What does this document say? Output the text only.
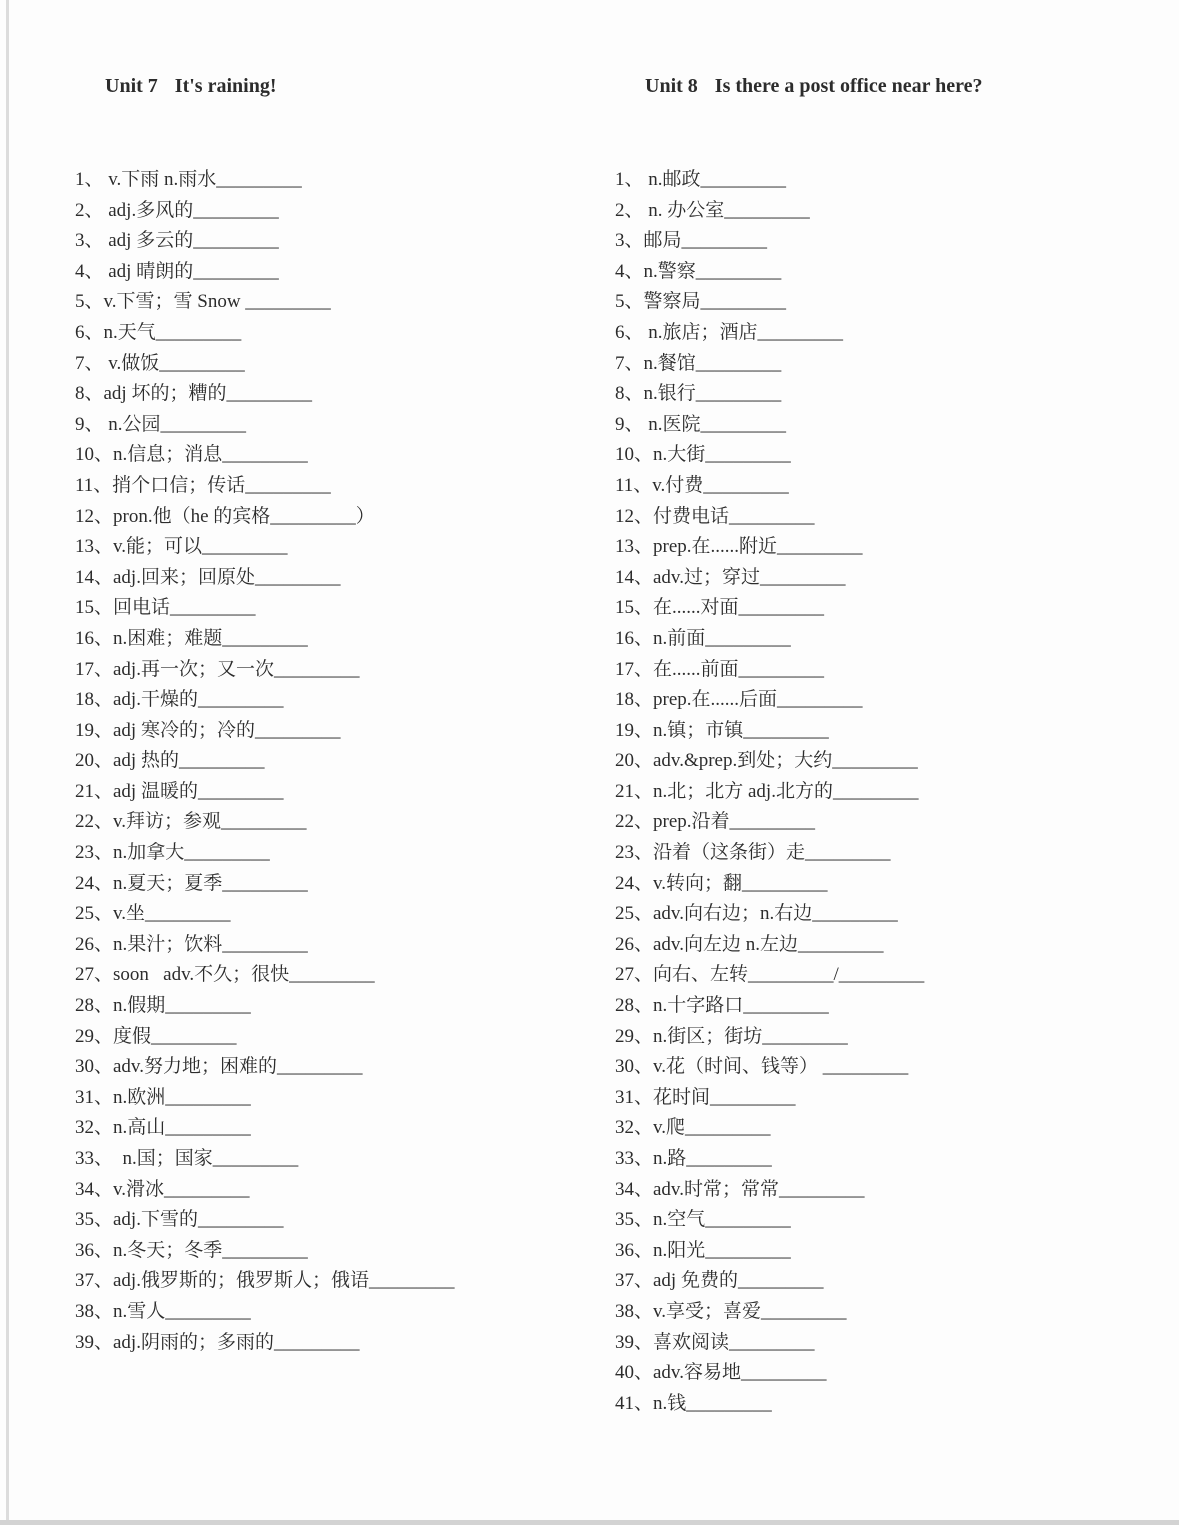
Unit 7 It's raining!

1、 v.下雨 n.雨水_________
2、 adj.多风的_________
3、 adj 多云的_________
4、 adj 晴朗的_________
5、v.下雪；雪 Snow _________
6、n.天气_________
7、 v.做饭_________
8、adj 坏的；糟的_________
9、 n.公园_________
10、n.信息；消息_________
11、捎个口信；传话_________
12、pron.他（he 的宾格_________）
13、v.能；可以_________
14、adj.回来；回原处_________
15、回电话_________
16、n.困难；难题_________
17、adj.再一次；又一次_________
18、adj.干燥的_________
19、adj 寒冷的；冷的_________
20、adj 热的_________
21、adj 温暖的_________
22、v.拜访；参观_________
23、n.加拿大_________
24、n.夏天；夏季_________
25、v.坐_________
26、n.果汁；饮料_________
27、soon   adv.不久；很快_________
28、n.假期_________
29、度假_________
30、adv.努力地；困难的_________
31、n.欧洲_________
32、n.高山_________
33、  n.国；国家_________
34、v.滑冰_________
35、adj.下雪的_________
36、n.冬天；冬季_________
37、adj.俄罗斯的；俄罗斯人；俄语_________
38、n.雪人_________
39、adj.阴雨的；多雨的_________

Unit 8 Is there a post office near here?

1、 n.邮政_________
2、 n. 办公室_________
3、邮局_________
4、n.警察_________
5、警察局_________
6、 n.旅店；酒店_________
7、n.餐馆_________
8、n.银行_________
9、 n.医院_________
10、n.大街_________
11、v.付费_________
12、付费电话_________
13、prep.在......附近_________
14、adv.过；穿过_________
15、在......对面_________
16、n.前面_________
17、在......前面_________
18、prep.在......后面_________
19、n.镇；市镇_________
20、adv.&prep.到处；大约_________
21、n.北；北方 adj.北方的_________
22、prep.沿着_________
23、沿着（这条街）走_________
24、v.转向；翻_________
25、adv.向右边；n.右边_________
26、adv.向左边 n.左边_________
27、向右、左转_________/_________
28、n.十字路口_________
29、n.街区；街坊_________
30、v.花（时间、钱等） _________
31、花时间_________
32、v.爬_________
33、n.路_________
34、adv.时常；常常_________
35、n.空气_________
36、n.阳光_________
37、adj 免费的_________
38、v.享受；喜爱_________
39、喜欢阅读_________
40、adv.容易地_________
41、n.钱_________
